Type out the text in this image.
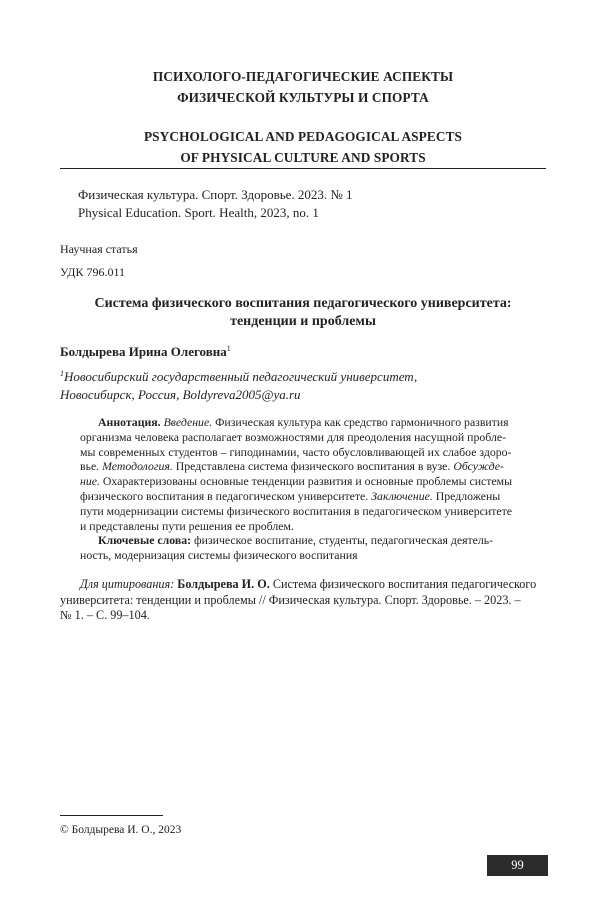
ПСИХОЛОГО-ПЕДАГОГИЧЕСКИЕ АСПЕКТЫ
ФИЗИЧЕСКОЙ КУЛЬТУРЫ И СПОРТА
PSYCHOLOGICAL AND PEDAGOGICAL ASPECTS
OF PHYSICAL CULTURE AND SPORTS
Физическая культура. Спорт. Здоровье. 2023. № 1
Physical Education. Sport. Health, 2023, no. 1
Научная статья
УДК 796.011
Система физического воспитания педагогического университета:
тенденции и проблемы
Болдырева Ирина Олеговна$^1$
$^1$Новосибирский государственный педагогический университет,
Новосибирск, Россия, Boldyreva2005@ya.ru
Аннотация. Введение. Физическая культура как средство гармоничного развития
организма человека располагает возможностями для преодоления насущной пробле-
мы современных студентов – гиподинамии, часто обусловливающей их слабое здоро-
вье. Методология. Представлена система физического воспитания в вузе. Обсужде-
ние. Охарактеризованы основные тенденции развития и основные проблемы системы
физического воспитания в педагогическом университете. Заключение. Предложены
пути модернизации системы физического воспитания в педагогическом университете
и представлены пути решения ее проблем.
Ключевые слова: физическое воспитание, студенты, педагогическая деятель-
ность, модернизация системы физического воспитания
Для цитирования: Болдырева И. О. Система физического воспитания педагогического
университета: тенденции и проблемы // Физическая культура. Спорт. Здоровье. – 2023. –
№ 1. – С. 99–104.
© Болдырева И. О., 2023
99
